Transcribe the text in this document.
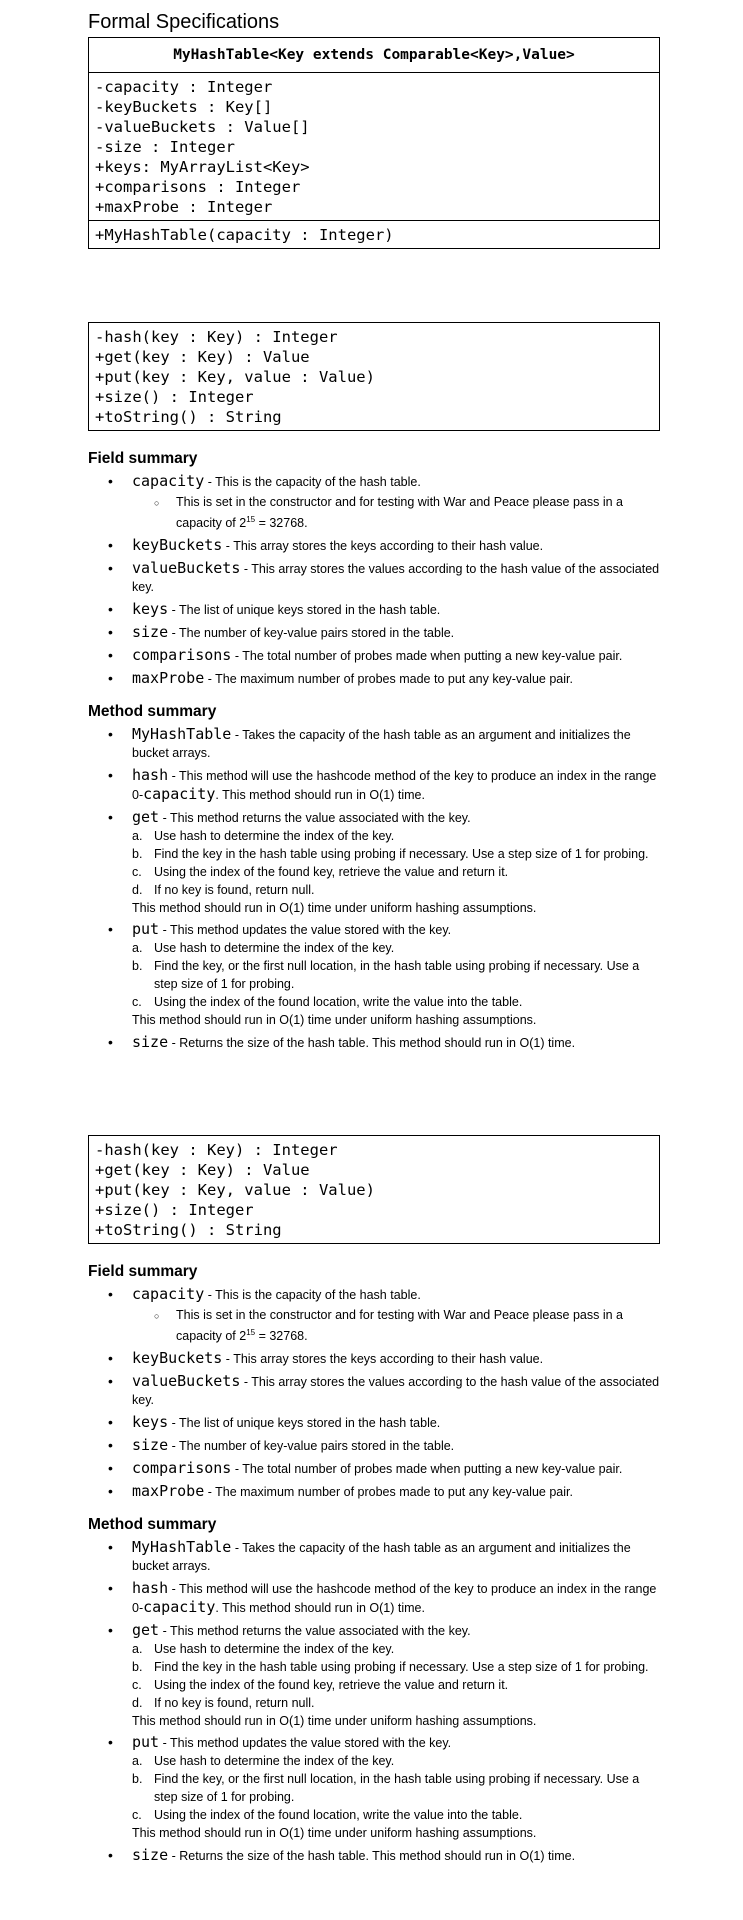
Formal Specifications
MyHashTable<Key extends Comparable<Key>,Value>
-capacity : Integer
-keyBuckets : Key[]
-valueBuckets : Value[]
-size : Integer
+keys: MyArrayList<Key>
+comparisons : Integer
+maxProbe : Integer
+MyHashTable(capacity : Integer)
-hash(key : Key) : Integer
+get(key : Key) : Value
+put(key : Key, value : Value)
+size() : Integer
+toString() : String
Field summary
• capacity - This is the capacity of the hash table.
○ This is set in the constructor and for testing with War and Peace please pass in a capacity of $2^{15} = 32768$.
• keyBuckets - This array stores the keys according to their hash value.
• valueBuckets - This array stores the values according to the hash value of the associated key.
• keys - The list of unique keys stored in the hash table.
• size - The number of key-value pairs stored in the table.
• comparisons - The total number of probes made when putting a new key-value pair.
• maxProbe - The maximum number of probes made to put any key-value pair.
Method summary
• MyHashTable - Takes the capacity of the hash table as an argument and initializes the bucket arrays.
• hash - This method will use the hashcode method of the key to produce an index in the range 0-capacity. This method should run in O(1) time.
• get - This method returns the value associated with the key.
a. Use hash to determine the index of the key.
b. Find the key in the hash table using probing if necessary. Use a step size of 1 for probing.
c. Using the index of the found key, retrieve the value and return it.
d. If no key is found, return null.
This method should run in O(1) time under uniform hashing assumptions.
• put - This method updates the value stored with the key.
a. Use hash to determine the index of the key.
b. Find the key, or the first null location, in the hash table using probing if necessary. Use a step size of 1 for probing.
c. Using the index of the found location, write the value into the table.
This method should run in O(1) time under uniform hashing assumptions.
• size - Returns the size of the hash table. This method should run in O(1) time.
-hash(key : Key) : Integer
+get(key : Key) : Value
+put(key : Key, value : Value)
+size() : Integer
+toString() : String
Field summary
• capacity - This is the capacity of the hash table.
○ This is set in the constructor and for testing with War and Peace please pass in a capacity of $2^{15} = 32768$.
• keyBuckets - This array stores the keys according to their hash value.
• valueBuckets - This array stores the values according to the hash value of the associated key.
• keys - The list of unique keys stored in the hash table.
• size - The number of key-value pairs stored in the table.
• comparisons - The total number of probes made when putting a new key-value pair.
• maxProbe - The maximum number of probes made to put any key-value pair.
Method summary
• MyHashTable - Takes the capacity of the hash table as an argument and initializes the bucket arrays.
• hash - This method will use the hashcode method of the key to produce an index in the range 0-capacity. This method should run in O(1) time.
• get - This method returns the value associated with the key.
a. Use hash to determine the index of the key.
b. Find the key in the hash table using probing if necessary. Use a step size of 1 for probing.
c. Using the index of the found key, retrieve the value and return it.
d. If no key is found, return null.
This method should run in O(1) time under uniform hashing assumptions.
• put - This method updates the value stored with the key.
a. Use hash to determine the index of the key.
b. Find the key, or the first null location, in the hash table using probing if necessary. Use a step size of 1 for probing.
c. Using the index of the found location, write the value into the table.
This method should run in O(1) time under uniform hashing assumptions.
• size - Returns the size of the hash table. This method should run in O(1) time.
